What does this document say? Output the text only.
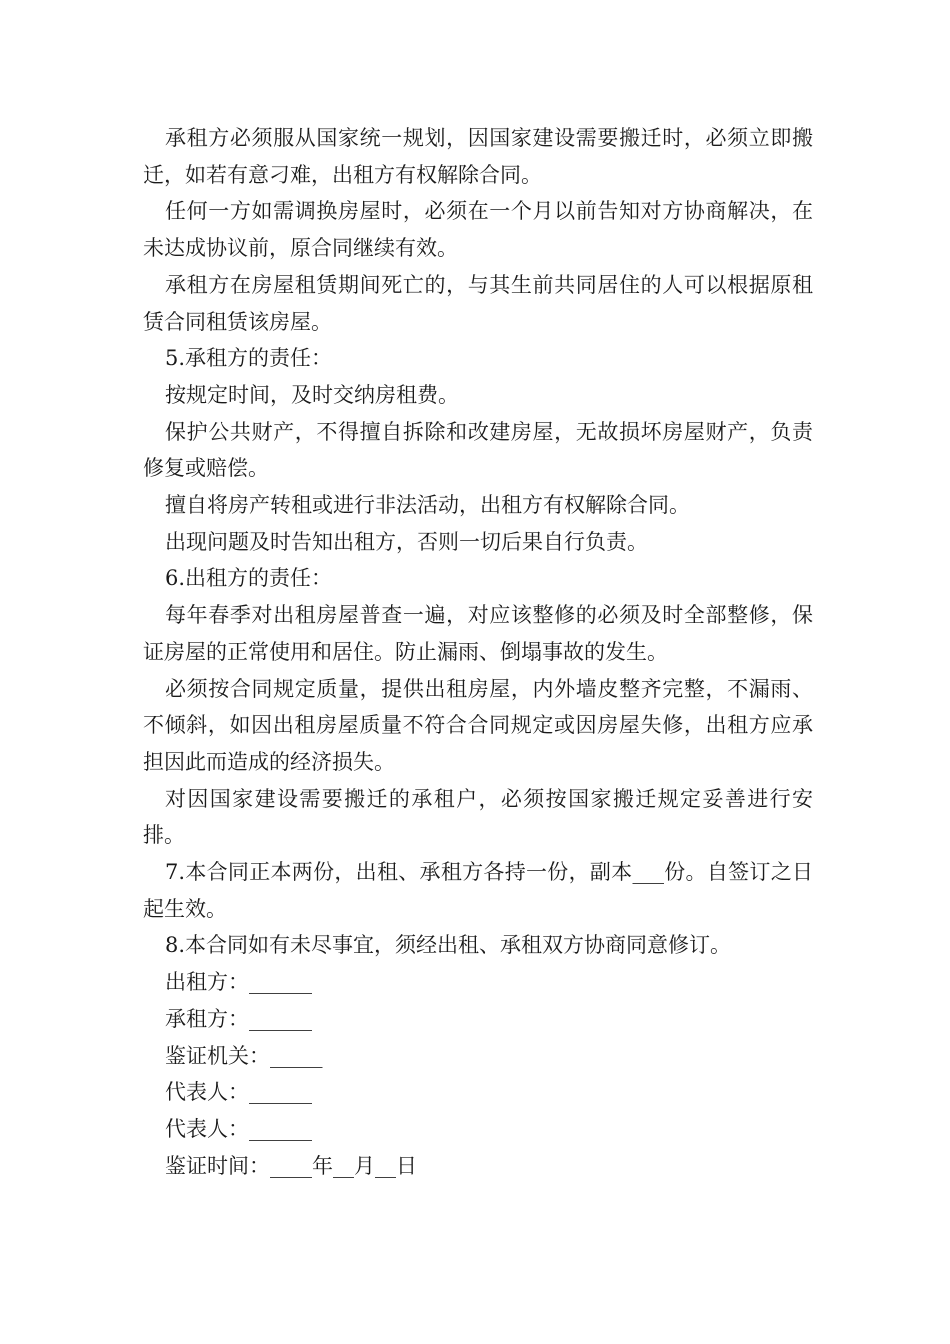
承租方必须服从国家统一规划，因国家建设需要搬迁时，必须立即搬迁，如若有意刁难，出租方有权解除合同。

任何一方如需调换房屋时，必须在一个月以前告知对方协商解决，在未达成协议前，原合同继续有效。

承租方在房屋租赁期间死亡的，与其生前共同居住的人可以根据原租赁合同租赁该房屋。

5.承租方的责任：

按规定时间，及时交纳房租费。

保护公共财产，不得擅自拆除和改建房屋，无故损坏房屋财产，负责修复或赔偿。

擅自将房产转租或进行非法活动，出租方有权解除合同。

出现问题及时告知出租方，否则一切后果自行负责。

6.出租方的责任：

每年春季对出租房屋普查一遍，对应该整修的必须及时全部整修，保证房屋的正常使用和居住。防止漏雨、倒塌事故的发生。

必须按合同规定质量，提供出租房屋，内外墙皮整齐完整，不漏雨、不倾斜，如因出租房屋质量不符合合同规定或因房屋失修，出租方应承担因此而造成的经济损失。

对因国家建设需要搬迁的承租户，必须按国家搬迁规定妥善进行安排。

7.本合同正本两份，出租、承租方各持一份，副本___份。自签订之日起生效。

8.本合同如有未尽事宜，须经出租、承租双方协商同意修订。

出租方：______

承租方：______

鉴证机关：_____

代表人：______

代表人：______

鉴证时间：____年__月__日
